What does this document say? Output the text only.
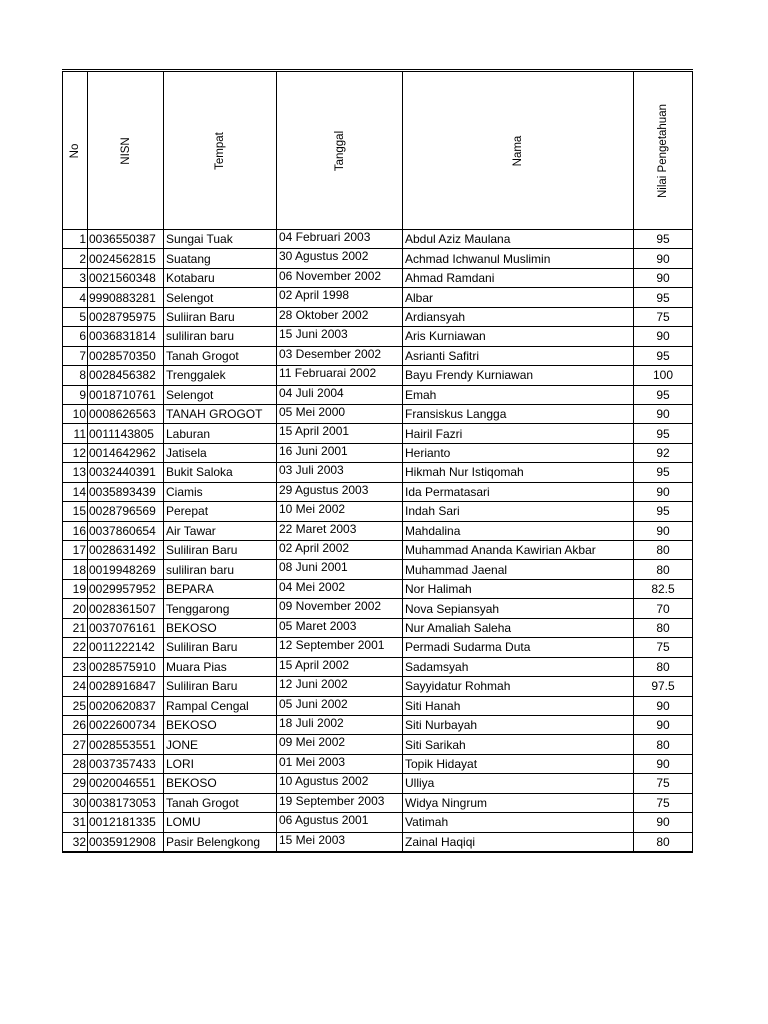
No	NISN	Tempat	Tanggal	Nama	Nilai Pengetahuan

1	0036550387	Sungai Tuak	04 Februari 2003	Abdul Aziz Maulana	95
2	0024562815	Suatang	30 Agustus 2002	Achmad Ichwanul Muslimin	90
3	0021560348	Kotabaru	06 November 2002	Ahmad Ramdani	90
4	9990883281	Selengot	02 April 1998	Albar	95
5	0028795975	Suliiran Baru	28 Oktober 2002	Ardiansyah	75
6	0036831814	suliliran baru	15 Juni 2003	Aris Kurniawan	90
7	0028570350	Tanah Grogot	03 Desember 2002	Asrianti Safitri	95
8	0028456382	Trenggalek	11 Februarai 2002	Bayu Frendy Kurniawan	100
9	0018710761	Selengot	04 Juli 2004	Emah	95
10	0008626563	TANAH GROGOT	05 Mei 2000	Fransiskus Langga	90
11	0011143805	Laburan	15 April 2001	Hairil Fazri	95
12	0014642962	Jatisela	16 Juni 2001	Herianto	92
13	0032440391	Bukit Saloka	03 Juli 2003	Hikmah Nur Istiqomah	95
14	0035893439	Ciamis	29 Agustus 2003	Ida Permatasari	90
15	0028796569	Perepat	10 Mei 2002	Indah Sari	95
16	0037860654	Air Tawar	22 Maret 2003	Mahdalina	90
17	0028631492	Suliliran Baru	02 April 2002	Muhammad Ananda Kawirian Akbar	80
18	0019948269	suliliran baru	08 Juni 2001	Muhammad Jaenal	80
19	0029957952	BEPARA	04 Mei 2002	Nor Halimah	82.5
20	0028361507	Tenggarong	09 November 2002	Nova Sepiansyah	70
21	0037076161	BEKOSO	05 Maret 2003	Nur Amaliah Saleha	80
22	0011222142	Suliliran Baru	12 September 2001	Permadi Sudarma Duta	75
23	0028575910	Muara Pias	15 April 2002	Sadamsyah	80
24	0028916847	Suliliran Baru	12 Juni 2002	Sayyidatur Rohmah	97.5
25	0020620837	Rampal Cengal	05 Juni 2002	Siti Hanah	90
26	0022600734	BEKOSO	18 Juli 2002	Siti Nurbayah	90
27	0028553551	JONE	09 Mei 2002	Siti Sarikah	80
28	0037357433	LORI	01 Mei 2003	Topik Hidayat	90
29	0020046551	BEKOSO	10 Agustus 2002	Ulliya	75
30	0038173053	Tanah Grogot	19 September 2003	Widya Ningrum	75
31	0012181335	LOMU	06 Agustus 2001	Vatimah	90
32	0035912908	Pasir Belengkong	15 Mei 2003	Zainal Haqiqi	80
